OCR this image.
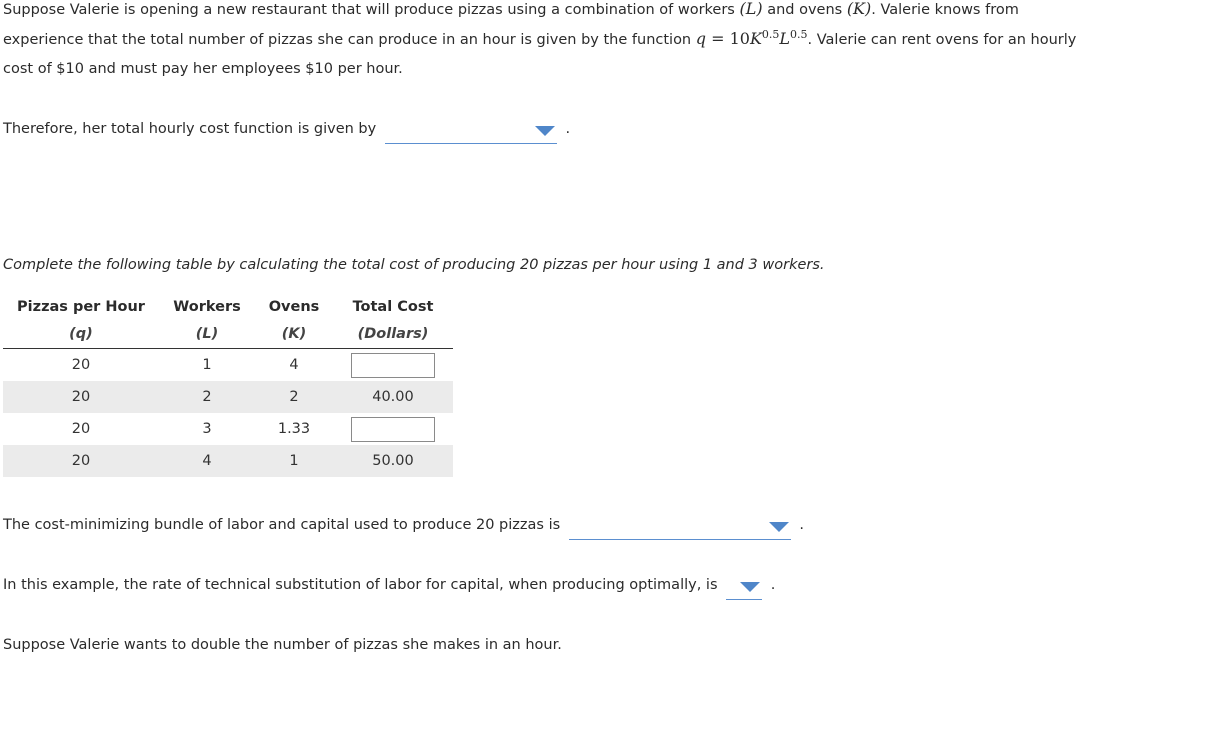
Suppose Valerie is opening a new restaurant that will produce pizzas using a combination of workers (L) and ovens (K). Valerie knows from
experience that the total number of pizzas she can produce in an hour is given by the function $q = 10K^{0.5}L^{0.5}$. Valerie can rent ovens for an hourly
cost of $10 and must pay her employees $10 per hour.
Therefore, her total hourly cost function is given by	.
Complete the following table by calculating the total cost of producing 20 pizzas per hour using 1 and 3 workers.
Pizzas per Hour	Workers	Ovens	Total Cost
(q)	(L)	(K)	(Dollars)
20	1	4	
20	2	2	40.00
20	3	1.33	
20	4	1	50.00
The cost-minimizing bundle of labor and capital used to produce 20 pizzas is	.
In this example, the rate of technical substitution of labor for capital, when producing optimally, is	.
Suppose Valerie wants to double the number of pizzas she makes in an hour.
